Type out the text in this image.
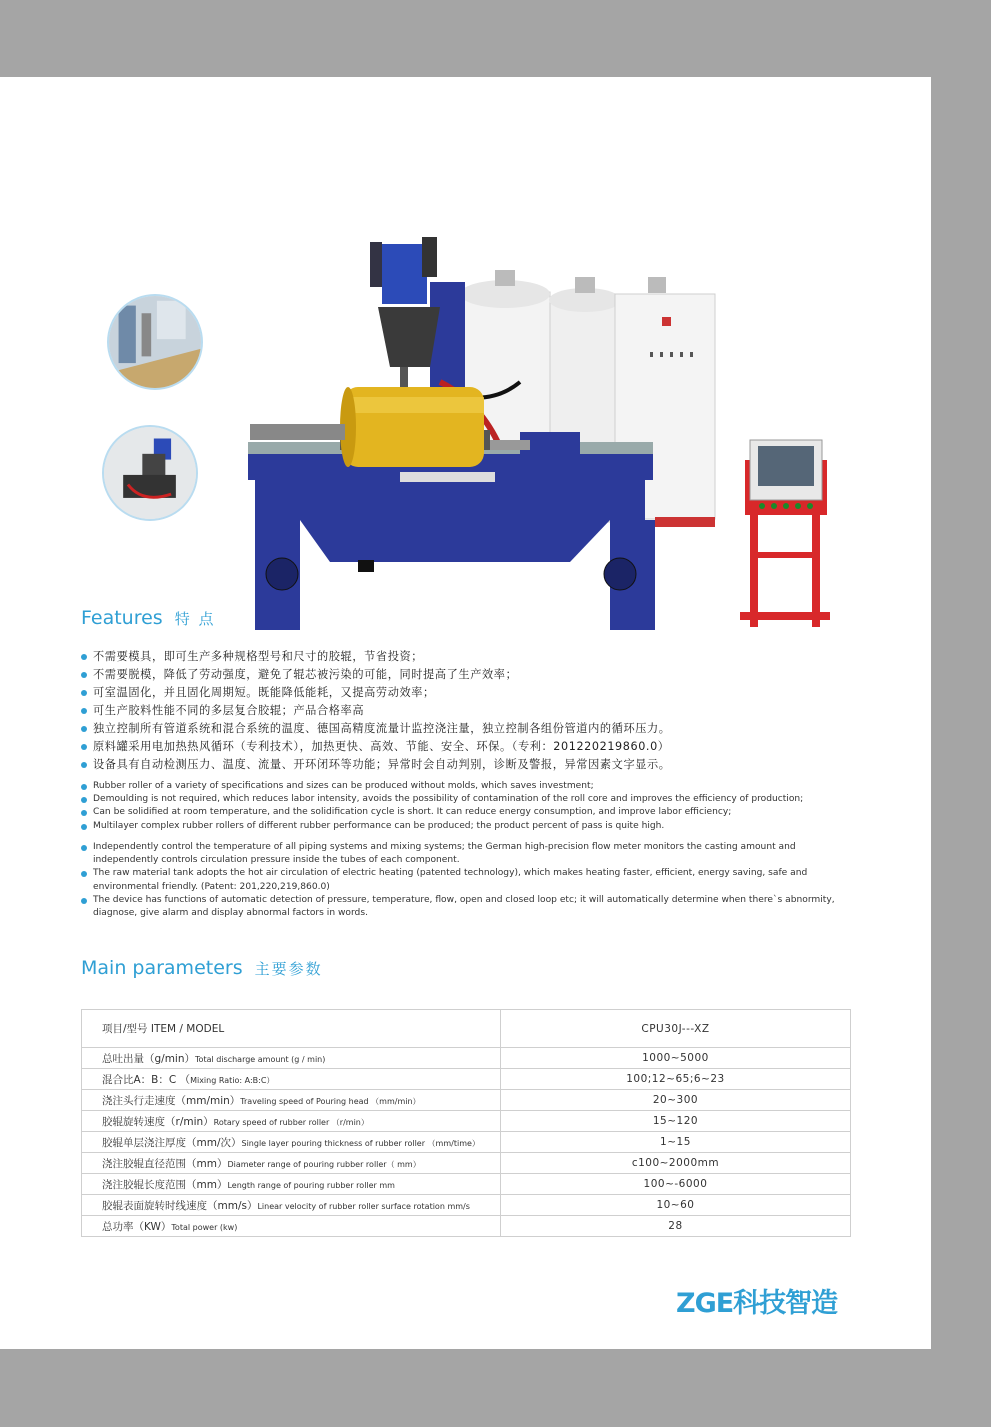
Features 特 点
不需要模具，即可生产多种规格型号和尺寸的胶辊，节省投资；
不需要脱模，降低了劳动强度，避免了辊芯被污染的可能，同时提高了生产效率；
可室温固化，并且固化周期短。既能降低能耗，又提高劳动效率；
可生产胶料性能不同的多层复合胶辊；产品合格率高
独立控制所有管道系统和混合系统的温度、德国高精度流量计监控浇注量，独立控制各组份管道内的循环压力。
原料罐采用电加热热风循环（专利技术），加热更快、高效、节能、安全、环保。（专利：201220219860.0）
设备具有自动检测压力、温度、流量、开环闭环等功能；异常时会自动判别，诊断及警报，异常因素文字显示。
Rubber roller of a variety of specifications and sizes can be produced without molds, which saves investment;
Demoulding is not required, which reduces labor intensity, avoids the possibility of contamination of the roll core and improves the efficiency of production;
Can be solidified at room temperature, and the solidification cycle is short. It can reduce energy consumption, and improve labor efficiency;
Multilayer complex rubber rollers of different rubber performance can be produced; the product percent of pass is quite high.
Independently control the temperature of all piping systems and mixing systems; the German high-precision flow meter monitors the casting amount and independently controls circulation pressure inside the tubes of each component.
The raw material tank adopts the hot air circulation of electric heating (patented technology), which makes heating faster, efficient, energy saving, safe and environmental friendly. (Patent: 201,220,219,860.0)
The device has functions of automatic detection of pressure, temperature, flow, open and closed loop etc; it will automatically determine when there`s abnormity, diagnose, give alarm and display abnormal factors in words.
Main parameters 主要参数
项目/型号 ITEM / MODEL	CPU30J---XZ
总吐出量（g/min）Total discharge amount (g / min)	1000~5000
混合比A：B：C （Mixing Ratio: A:B:C）	100;12~65;6~23
浇注头行走速度（mm/min）Traveling speed of Pouring head （mm/min）	20~300
胶辊旋转速度（r/min）Rotary speed of rubber roller （r/min）	15~120
胶辊单层浇注厚度（mm/次）Single layer pouring thickness of rubber roller （mm/time）	1~15
浇注胶辊直径范围（mm）Diameter range of pouring rubber roller（ mm）	c100~2000mm
浇注胶辊长度范围（mm）Length range of pouring rubber roller mm	100~-6000
胶辊表面旋转时线速度（mm/s）Linear velocity of rubber roller surface rotation mm/s	10~60
总功率（KW）Total power (kw)	28
ZGE科技智造
